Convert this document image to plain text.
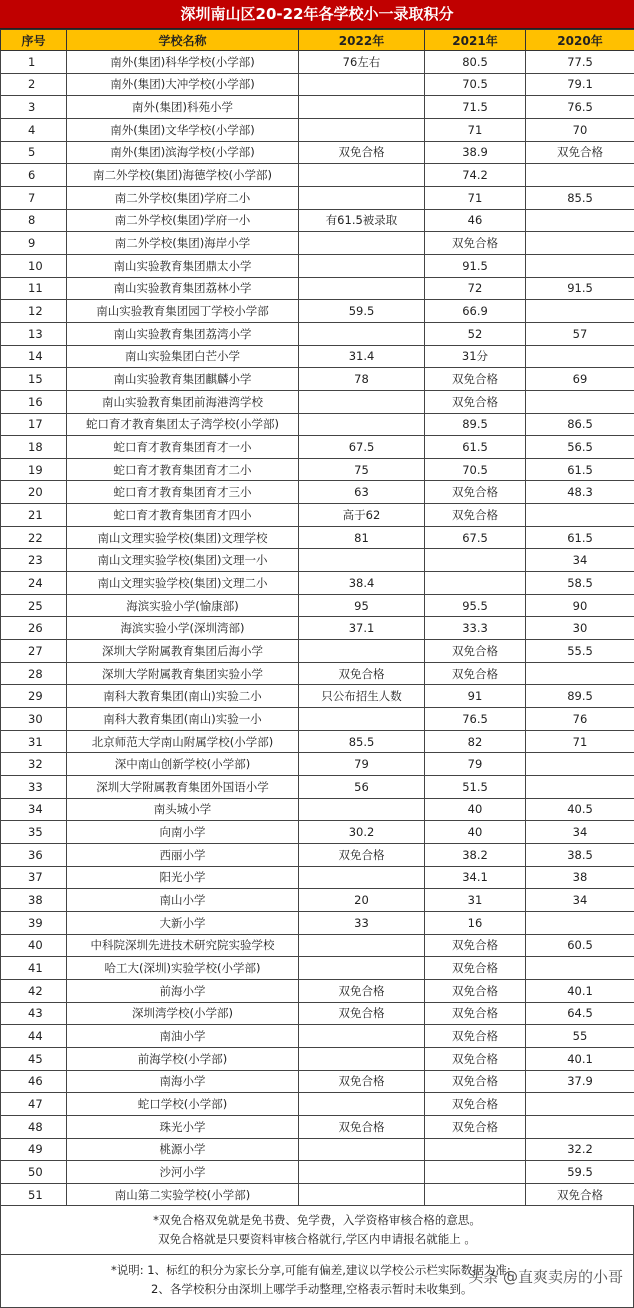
深圳南山区20-22年各学校小一录取积分
序号	学校名称	2022年	2021年	2020年
1	南外(集团)科华学校(小学部)	76左右	80.5	77.5
2	南外(集团)大冲学校(小学部)		70.5	79.1
3	南外(集团)科苑小学		71.5	76.5
4	南外(集团)文华学校(小学部)		71	70
5	南外(集团)滨海学校(小学部)	双免合格	38.9	双免合格
6	南二外学校(集团)海德学校(小学部)		74.2	
7	南二外学校(集团)学府二小		71	85.5
8	南二外学校(集团)学府一小	有61.5被录取	46	
9	南二外学校(集团)海岸小学		双免合格	
10	南山实验教育集团鼎太小学		91.5	
11	南山实验教育集团荔林小学		72	91.5
12	南山实验教育集团园丁学校小学部	59.5	66.9	
13	南山实验教育集团荔湾小学		52	57
14	南山实验集团白芒小学	31.4	31分	
15	南山实验教育集团麒麟小学	78	双免合格	69
16	南山实验教育集团前海港湾学校		双免合格	
17	蛇口育才教育集团太子湾学校(小学部)		89.5	86.5
18	蛇口育才教育集团育才一小	67.5	61.5	56.5
19	蛇口育才教育集团育才二小	75	70.5	61.5
20	蛇口育才教育集团育才三小	63	双免合格	48.3
21	蛇口育才教育集团育才四小	高于62	双免合格	
22	南山文理实验学校(集团)文理学校	81	67.5	61.5
23	南山文理实验学校(集团)文理一小			34
24	南山文理实验学校(集团)文理二小	38.4		58.5
25	海滨实验小学(愉康部)	95	95.5	90
26	海滨实验小学(深圳湾部)	37.1	33.3	30
27	深圳大学附属教育集团后海小学		双免合格	55.5
28	深圳大学附属教育集团实验小学	双免合格	双免合格	
29	南科大教育集团(南山)实验二小	只公布招生人数	91	89.5
30	南科大教育集团(南山)实验一小		76.5	76
31	北京师范大学南山附属学校(小学部)	85.5	82	71
32	深中南山创新学校(小学部)	79	79	
33	深圳大学附属教育集团外国语小学	56	51.5	
34	南头城小学		40	40.5
35	向南小学	30.2	40	34
36	西丽小学	双免合格	38.2	38.5
37	阳光小学		34.1	38
38	南山小学	20	31	34
39	大新小学	33	16	
40	中科院深圳先进技术研究院实验学校		双免合格	60.5
41	哈工大(深圳)实验学校(小学部)		双免合格	
42	前海小学	双免合格	双免合格	40.1
43	深圳湾学校(小学部)	双免合格	双免合格	64.5
44	南油小学		双免合格	55
45	前海学校(小学部)		双免合格	40.1
46	南海小学	双免合格	双免合格	37.9
47	蛇口学校(小学部)		双免合格	
48	珠光小学	双免合格	双免合格	
49	桃源小学			32.2
50	沙河小学			59.5
51	南山第二实验学校(小学部)			双免合格
*双免合格双免就是免书费、免学费，入学资格审核合格的意思。
双免合格就是只要资料审核合格就行,学区内申请报名就能上 。
*说明: 1、标红的积分为家长分享,可能有偏差,建议以学校公示栏实际数据为准;
2、各学校积分由深圳上哪学手动整理,空格表示暂时未收集到。
头条 @直爽卖房的小哥
